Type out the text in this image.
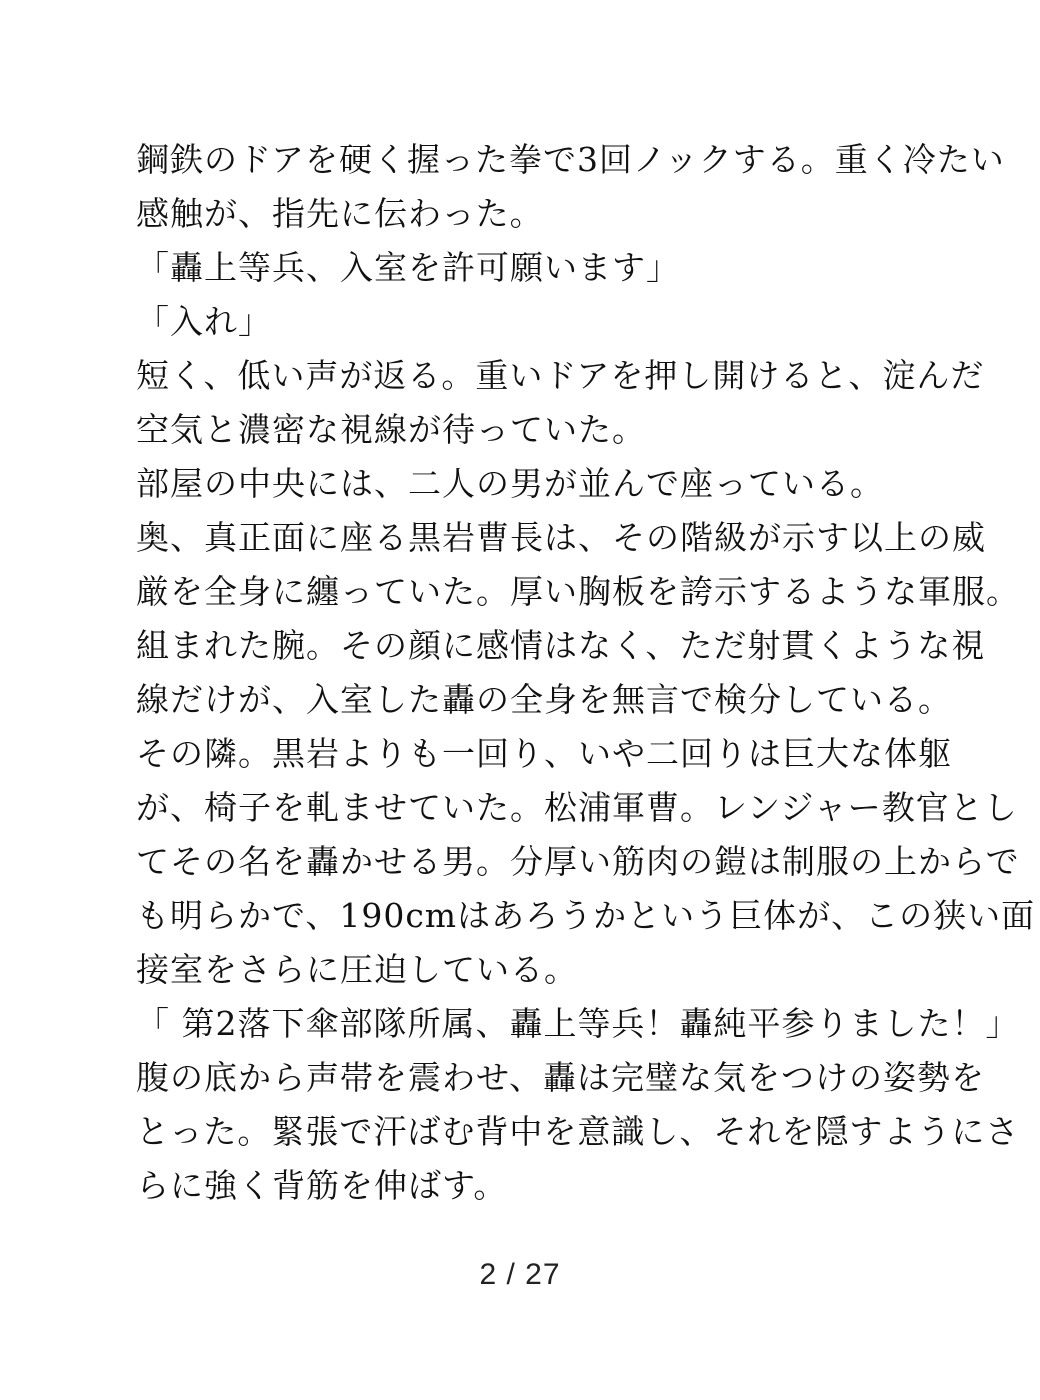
鋼鉄のドアを硬く握った拳で3回ノックする。重く冷たい
感触が、指先に伝わった。
「轟上等兵、入室を許可願います」
「入れ」
短く、低い声が返る。重いドアを押し開けると、淀んだ
空気と濃密な視線が待っていた。
部屋の中央には、二人の男が並んで座っている。
奥、真正面に座る黒岩曹長は、その階級が示す以上の威
厳を全身に纏っていた。厚い胸板を誇示するような軍服。
組まれた腕。その顔に感情はなく、ただ射貫くような視
線だけが、入室した轟の全身を無言で検分している。
その隣。黒岩よりも一回り、いや二回りは巨大な体躯
が、椅子を軋ませていた。松浦軍曹。レンジャー教官とし
てその名を轟かせる男。分厚い筋肉の鎧は制服の上からで
も明らかで、190cmはあろうかという巨体が、この狭い面
接室をさらに圧迫している。
「 第2落下傘部隊所属、轟上等兵！轟純平参りました！」
腹の底から声帯を震わせ、轟は完璧な気をつけの姿勢を
とった。緊張で汗ばむ背中を意識し、それを隠すようにさ
らに強く背筋を伸ばす。
2 / 27
